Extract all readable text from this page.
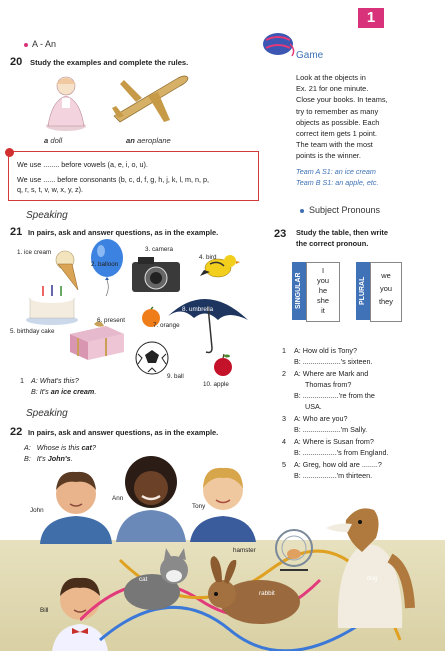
1
A - An
20 Study the examples and complete the rules.
a doll	an aeroplane
We use ........ before vowels (a, e, i, o, u).
We use ...... before consonants (b, c, d, f, g, h, j, k, l, m, n, p,
q, r, s, t, v, w, x, y, z).
Speaking
21 In pairs, ask and answer questions, as in the example.
1. ice cream
2. balloon
3. camera
4. bird
5. birthday cake
6. present
7. orange
8. umbrella
9. ball
10. apple
1 A: What's this?
B: It's an ice cream.
Speaking
22 In pairs, ask and answer questions, as in the example.
A: Whose is this cat?
B: It's John's.
John
Ann
Tony
hamster
cat
rabbit
dog
Bill
Game
Look at the objects in
Ex. 21 for one minute.
Close your books. In teams,
try to remember as many
objects as possible. Each
correct item gets 1 point.
The team with the most
points is the winner.
Team A S1: an ice cream
Team B S1: an apple, etc.
Subject Pronouns
23 Study the table, then write
the correct pronoun.
SINGULAR
I
you
he
she
it
PLURAL
we
you
they
1 A: How old is Tony?
B: ...................'s sixteen.
2 A: Where are Mark and
Thomas from?
B: ..................'re from the
USA.
3 A: Who are you?
B: ...................'m Sally.
4 A: Where is Susan from?
B: .................'s from England.
5 A: Greg, how old are ........?
B: .................'m thirteen.
